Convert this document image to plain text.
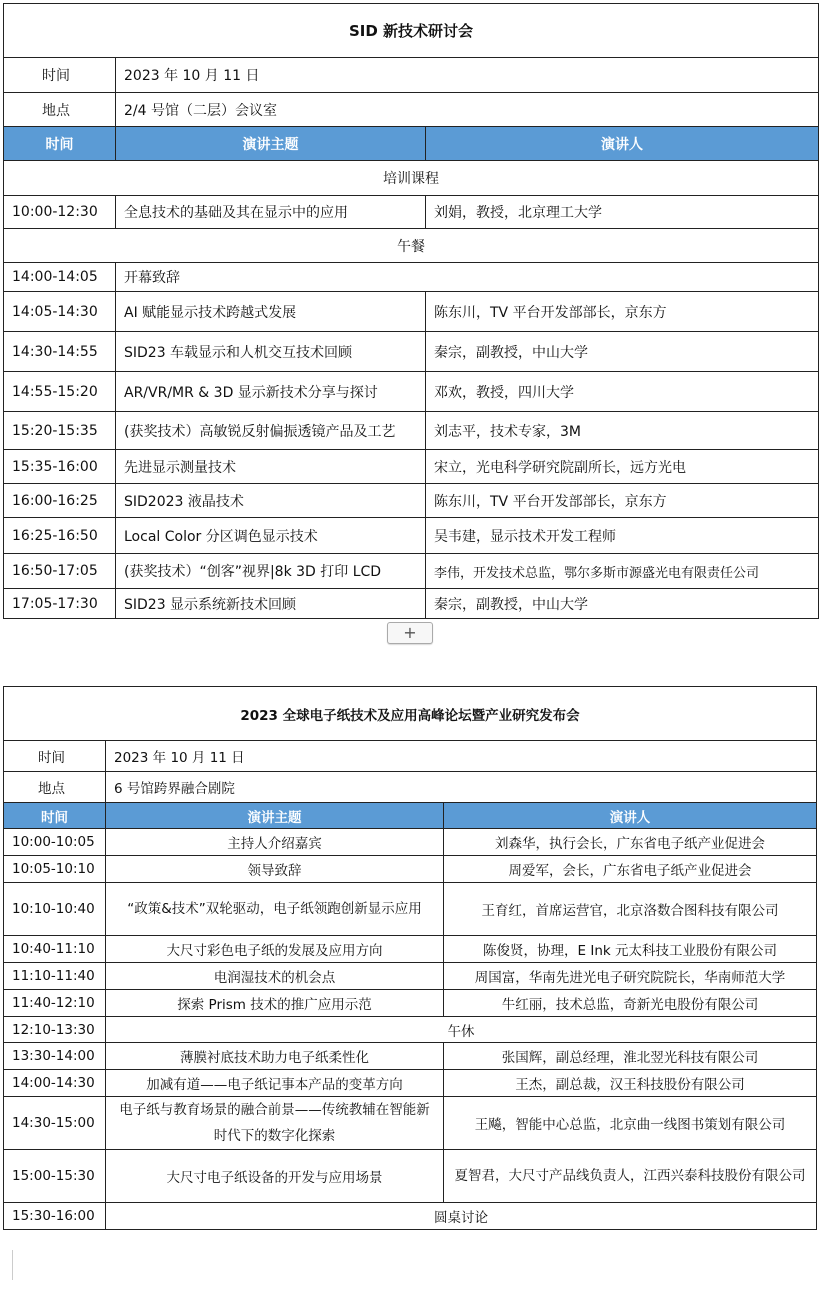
SID 新技术研讨会		
时间	2023 年 10 月 11 日	
地点	2/4 号馆（二层）会议室	
时间	演讲主题	演讲人
培训课程		
10:00-12:30	全息技术的基础及其在显示中的应用	刘娟，教授，北京理工大学
午餐		
14:00-14:05	开幕致辞	
14:05-14:30	AI 赋能显示技术跨越式发展	陈东川，TV 平台开发部部长，京东方
14:30-14:55	SID23 车载显示和人机交互技术回顾	秦宗，副教授，中山大学
14:55-15:20	AR/VR/MR & 3D 显示新技术分享与探讨	邓欢，教授，四川大学
15:20-15:35	(获奖技术）高敏锐反射偏振透镜产品及工艺	刘志平，技术专家，3M
15:35-16:00	先进显示测量技术	宋立，光电科学研究院副所长，远方光电
16:00-16:25	SID2023 液晶技术	陈东川，TV 平台开发部部长，京东方
16:25-16:50	Local Color 分区调色显示技术	吴韦建，显示技术开发工程师
16:50-17:05	(获奖技术）“创客”视界|8k 3D 打印 LCD	李伟，开发技术总监，鄂尔多斯市源盛光电有限责任公司
17:05-17:30	SID23 显示系统新技术回顾	秦宗，副教授，中山大学
+
2023 全球电子纸技术及应用高峰论坛暨产业研究发布会		
时间	2023 年 10 月 11 日	
地点	6 号馆跨界融合剧院	
时间	演讲主题	演讲人
10:00-10:05	主持人介绍嘉宾	刘森华，执行会长，广东省电子纸产业促进会
10:05-10:10	领导致辞	周爱军，会长，广东省电子纸产业促进会
10:10-10:40	“政策&技术”双轮驱动，电子纸领跑创新显示应用	王育红，首席运营官，北京洛数合图科技有限公司
10:40-11:10	大尺寸彩色电子纸的发展及应用方向	陈俊贤，协理，E Ink 元太科技工业股份有限公司
11:10-11:40	电润湿技术的机会点	周国富，华南先进光电子研究院院长，华南师范大学
11:40-12:10	探索 Prism 技术的推广应用示范	牛红丽，技术总监，奇新光电股份有限公司
12:10-13:30	午休	
13:30-14:00	薄膜衬底技术助力电子纸柔性化	张国辉，副总经理，淮北翌光科技有限公司
14:00-14:30	加减有道——电子纸记事本产品的变革方向	王杰，副总裁，汉王科技股份有限公司
14:30-15:00	电子纸与教育场景的融合前景——传统教辅在智能新时代下的数字化探索	王飚，智能中心总监，北京曲一线图书策划有限公司
15:00-15:30	大尺寸电子纸设备的开发与应用场景	夏智君，大尺寸产品线负责人，江西兴泰科技股份有限公司
15:30-16:00	圆桌讨论	
